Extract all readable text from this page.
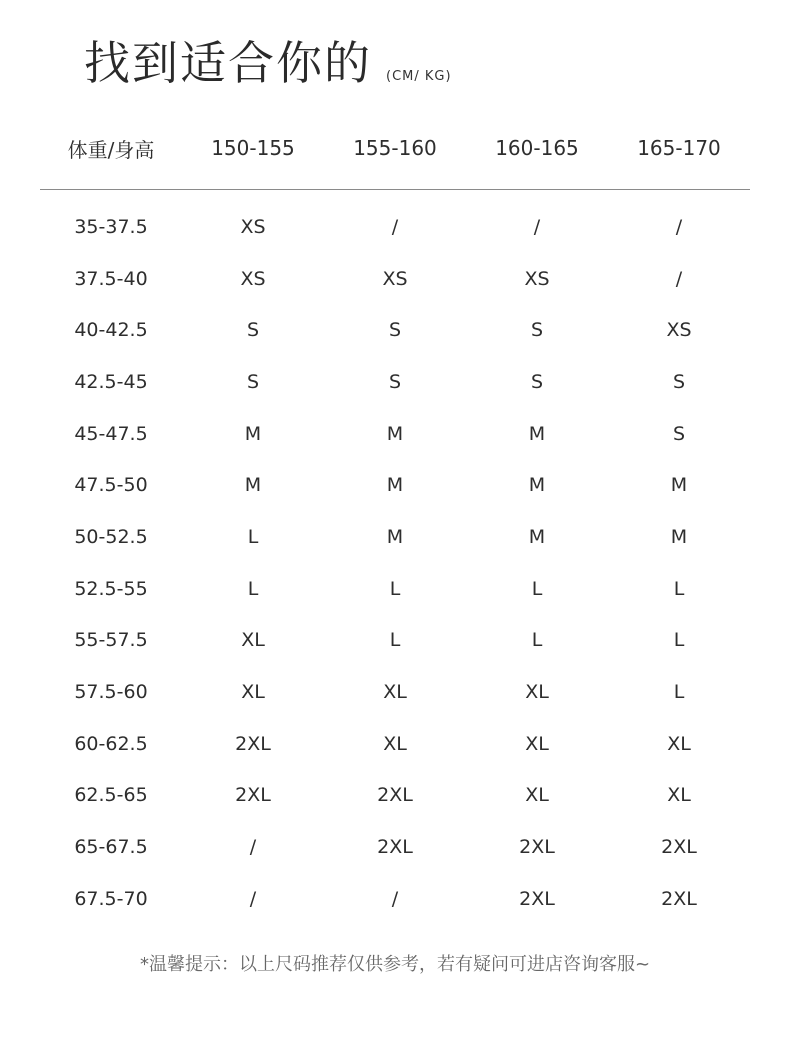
找到适合你的 (CM/ KG)
体重/身高	150-155	155-160	160-165	165-170
35-37.5	XS	/	/	/
37.5-40	XS	XS	XS	/
40-42.5	S	S	S	XS
42.5-45	S	S	S	S
45-47.5	M	M	M	S
47.5-50	M	M	M	M
50-52.5	L	M	M	M
52.5-55	L	L	L	L
55-57.5	XL	L	L	L
57.5-60	XL	XL	XL	L
60-62.5	2XL	XL	XL	XL
62.5-65	2XL	2XL	XL	XL
65-67.5	/	2XL	2XL	2XL
67.5-70	/	/	2XL	2XL
*温馨提示：以上尺码推荐仅供参考，若有疑问可进店咨询客服~
